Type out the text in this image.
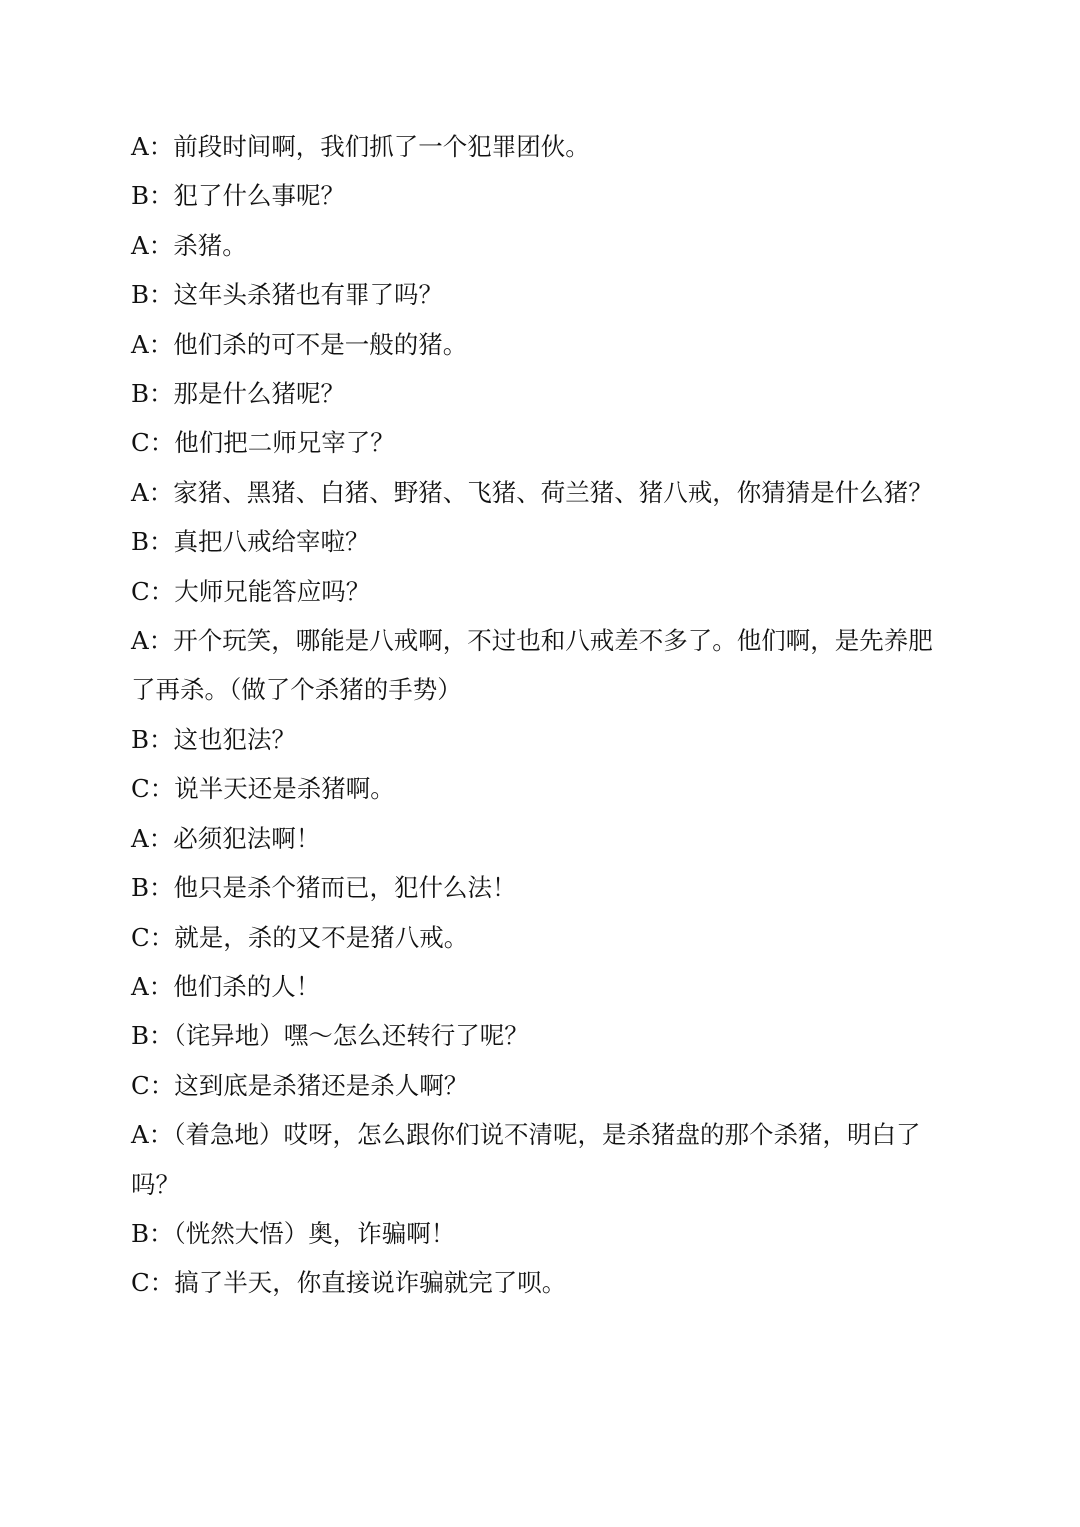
A：前段时间啊，我们抓了一个犯罪团伙。

B：犯了什么事呢？

A：杀猪。

B：这年头杀猪也有罪了吗？

A：他们杀的可不是一般的猪。

B：那是什么猪呢？

C：他们把二师兄宰了？

A：家猪、黑猪、白猪、野猪、飞猪、荷兰猪、猪八戒，你猜猜是什么猪？

B：真把八戒给宰啦？

C：大师兄能答应吗？

A：开个玩笑，哪能是八戒啊，不过也和八戒差不多了。他们啊，是先养肥了再杀。（做了个杀猪的手势）

B：这也犯法？

C：说半天还是杀猪啊。

A：必须犯法啊！

B：他只是杀个猪而已，犯什么法！

C：就是，杀的又不是猪八戒。

A：他们杀的人！

B：（诧异地）嘿～怎么还转行了呢？

C：这到底是杀猪还是杀人啊？

A：（着急地）哎呀，怎么跟你们说不清呢，是杀猪盘的那个杀猪，明白了吗？

B：（恍然大悟）奥，诈骗啊！

C：搞了半天，你直接说诈骗就完了呗。
